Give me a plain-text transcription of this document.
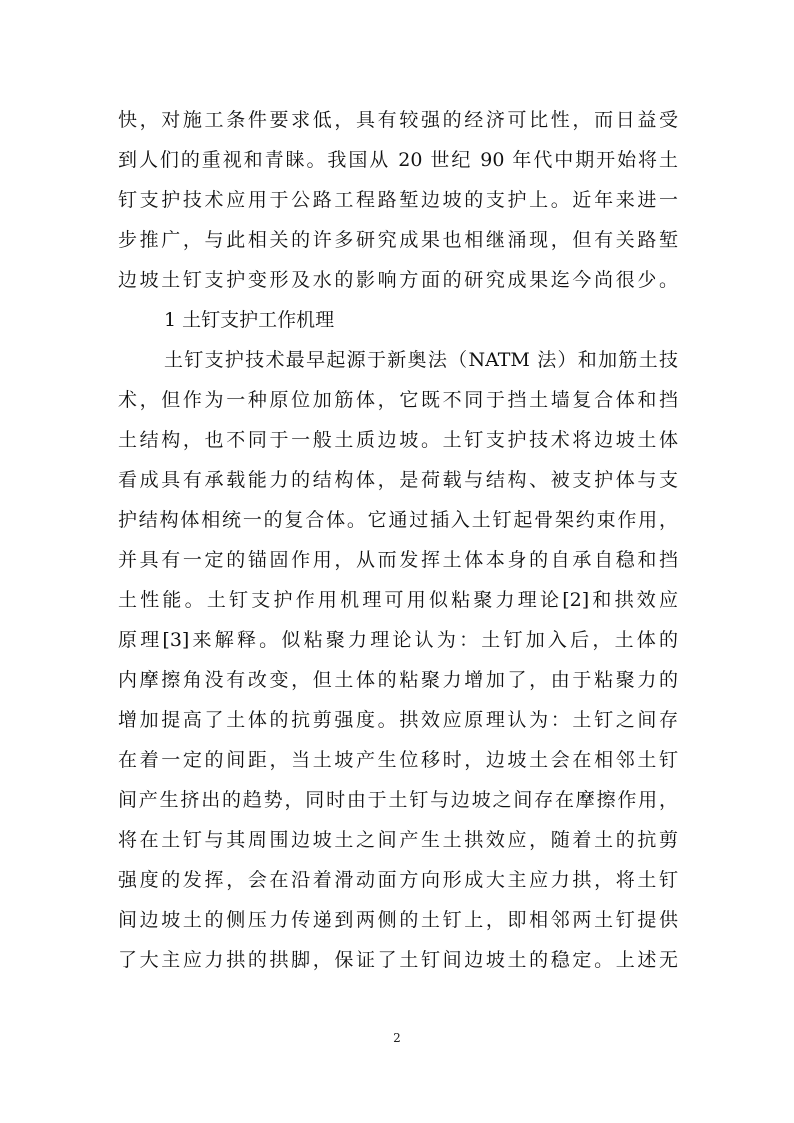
快，对施工条件要求低，具有较强的经济可比性，而日益受
到人们的重视和青睐。我国从 20 世纪 90 年代中期开始将土
钉支护技术应用于公路工程路堑边坡的支护上。近年来进一
步推广，与此相关的许多研究成果也相继涌现，但有关路堑
边坡土钉支护变形及水的影响方面的研究成果迄今尚很少。
1 土钉支护工作机理
土钉支护技术最早起源于新奥法（NATM 法）和加筋土技
术，但作为一种原位加筋体，它既不同于挡土墙复合体和挡
土结构，也不同于一般土质边坡。土钉支护技术将边坡土体
看成具有承载能力的结构体，是荷载与结构、被支护体与支
护结构体相统一的复合体。它通过插入土钉起骨架约束作用，
并具有一定的锚固作用，从而发挥土体本身的自承自稳和挡
土性能。土钉支护作用机理可用似粘聚力理论[2]和拱效应
原理[3]来解释。似粘聚力理论认为：土钉加入后，土体的
内摩擦角没有改变，但土体的粘聚力增加了，由于粘聚力的
增加提高了土体的抗剪强度。拱效应原理认为：土钉之间存
在着一定的间距，当土坡产生位移时，边坡土会在相邻土钉
间产生挤出的趋势，同时由于土钉与边坡之间存在摩擦作用，
将在土钉与其周围边坡土之间产生土拱效应，随着土的抗剪
强度的发挥，会在沿着滑动面方向形成大主应力拱，将土钉
间边坡土的侧压力传递到两侧的土钉上，即相邻两土钉提供
了大主应力拱的拱脚，保证了土钉间边坡土的稳定。上述无
2
